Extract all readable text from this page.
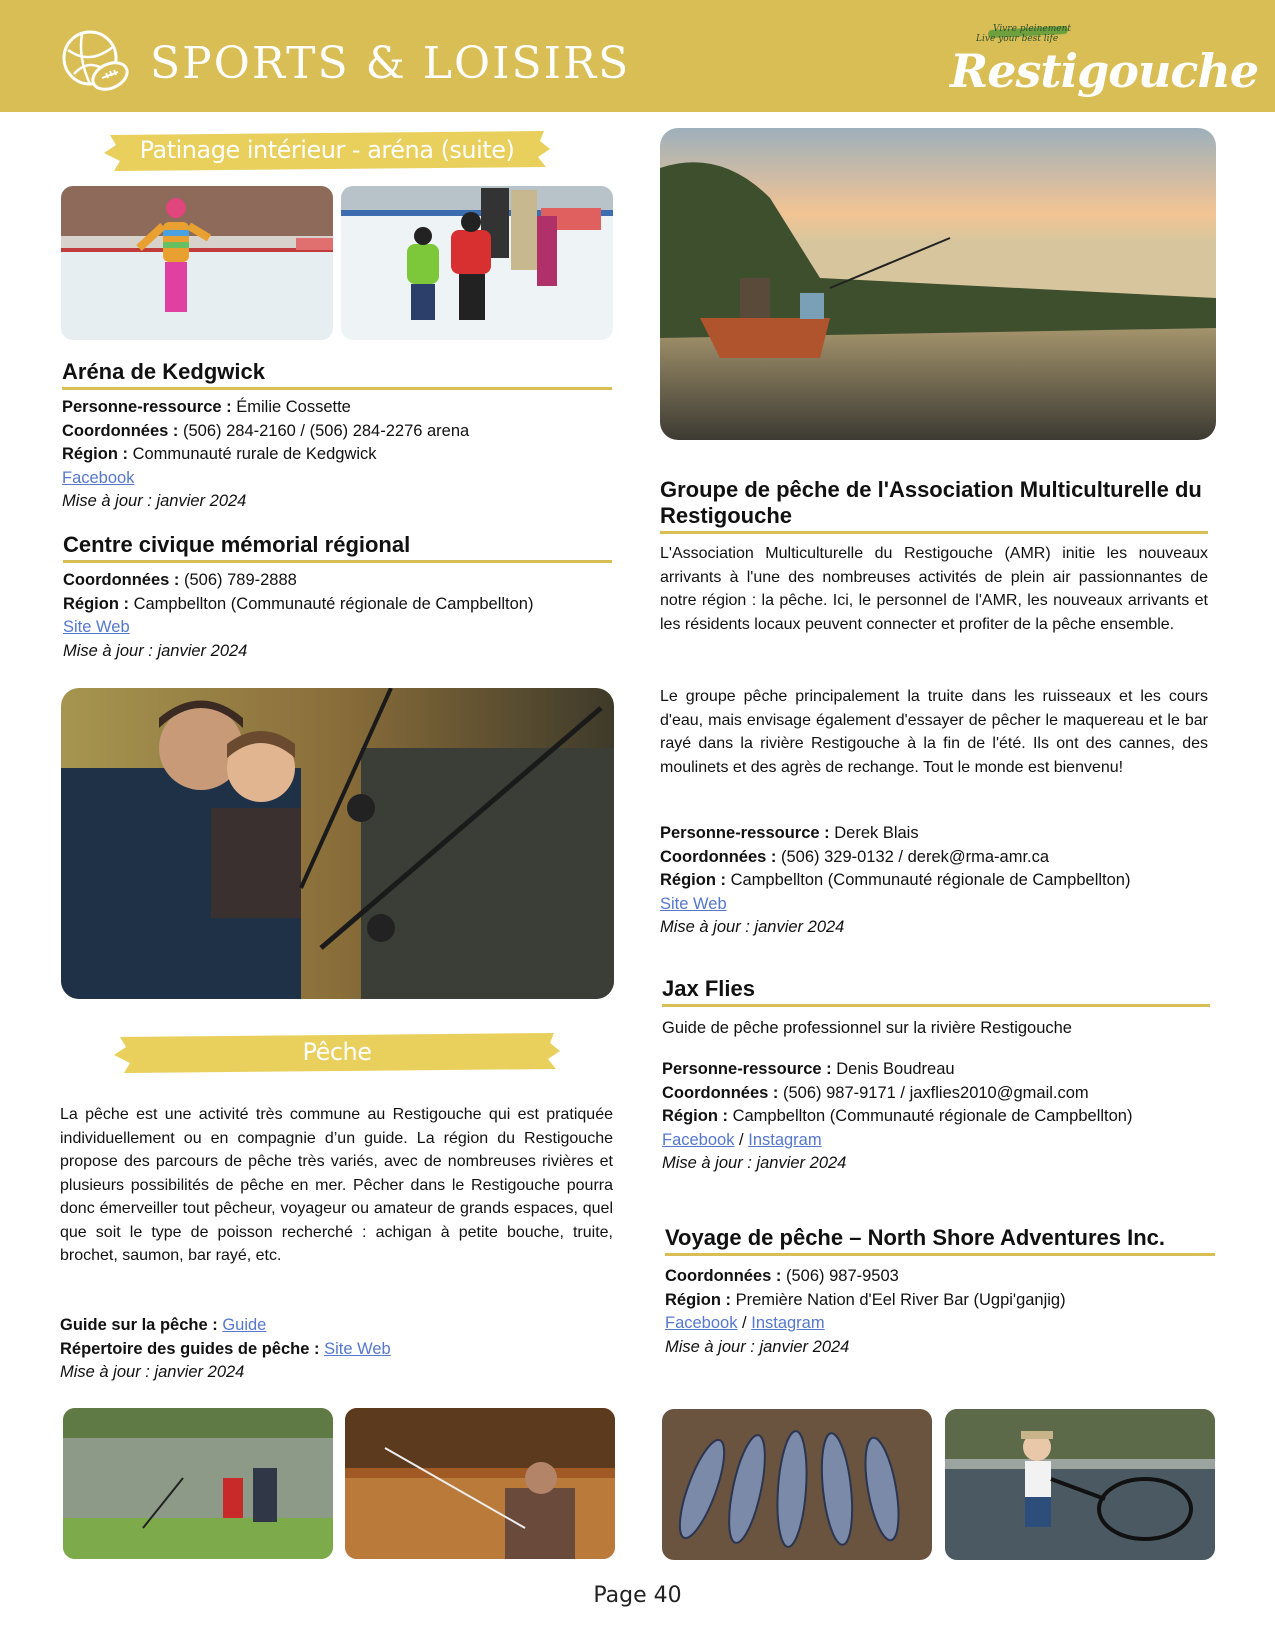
SPORTS & LOISIRS
Vivre pleinement
Live your best life
Restigouche
Patinage intérieur - aréna (suite)
Aréna de Kedgwick
Personne-ressource : Émilie Cossette
Coordonnées : (506) 284-2160 / (506) 284-2276 arena
Région : Communauté rurale de Kedgwick
Facebook
Mise à jour : janvier 2024
Centre civique mémorial régional
Coordonnées : (506) 789-2888
Région : Campbellton (Communauté régionale de Campbellton)
Site Web
Mise à jour : janvier 2024
Pêche
La pêche est une activité très commune au Restigouche qui est pratiquée individuellement ou en compagnie d’un guide. La région du Restigouche propose des parcours de pêche très variés, avec de nombreuses rivières et plusieurs possibilités de pêche en mer. Pêcher dans le Restigouche pourra donc émerveiller tout pêcheur, voyageur ou amateur de grands espaces, quel que soit le type de poisson recherché : achigan à petite bouche, truite, brochet, saumon, bar rayé, etc.
Guide sur la pêche : Guide
Répertoire des guides de pêche : Site Web
Mise à jour : janvier 2024
Groupe de pêche de l'Association Multiculturelle du Restigouche
L'Association Multiculturelle du Restigouche (AMR) initie les nouveaux arrivants à l'une des nombreuses activités de plein air passionnantes de notre région : la pêche. Ici, le personnel de l'AMR, les nouveaux arrivants et les résidents locaux peuvent connecter et profiter de la pêche ensemble.
Le groupe pêche principalement la truite dans les ruisseaux et les cours d'eau, mais envisage également d'essayer de pêcher le maquereau et le bar rayé dans la rivière Restigouche à la fin de l'été. Ils ont des cannes, des moulinets et des agrès de rechange. Tout le monde est bienvenu!
Personne-ressource : Derek Blais
Coordonnées : (506) 329-0132 / derek@rma-amr.ca
Région : Campbellton (Communauté régionale de Campbellton)
Site Web
Mise à jour : janvier 2024
Jax Flies
Guide de pêche professionnel sur la rivière Restigouche
Personne-ressource : Denis Boudreau
Coordonnées : (506) 987-9171 / jaxflies2010@gmail.com
Région : Campbellton (Communauté régionale de Campbellton)
Facebook / Instagram
Mise à jour : janvier 2024
Voyage de pêche – North Shore Adventures Inc.
Coordonnées : (506) 987-9503
Région : Première Nation d'Eel River Bar (Ugpi'ganjig)
Facebook / Instagram
Mise à jour : janvier 2024
Page 40
